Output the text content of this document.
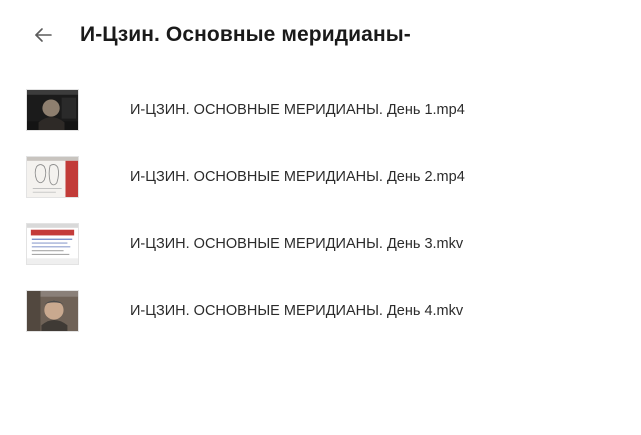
И-Цзин. Основные меридианы-
И-ЦЗИН. ОСНОВНЫЕ МЕРИДИАНЫ. День 1.mp4
И-ЦЗИН. ОСНОВНЫЕ МЕРИДИАНЫ. День 2.mp4
И-ЦЗИН. ОСНОВНЫЕ МЕРИДИАНЫ. День 3.mkv
И-ЦЗИН. ОСНОВНЫЕ МЕРИДИАНЫ. День 4.mkv
